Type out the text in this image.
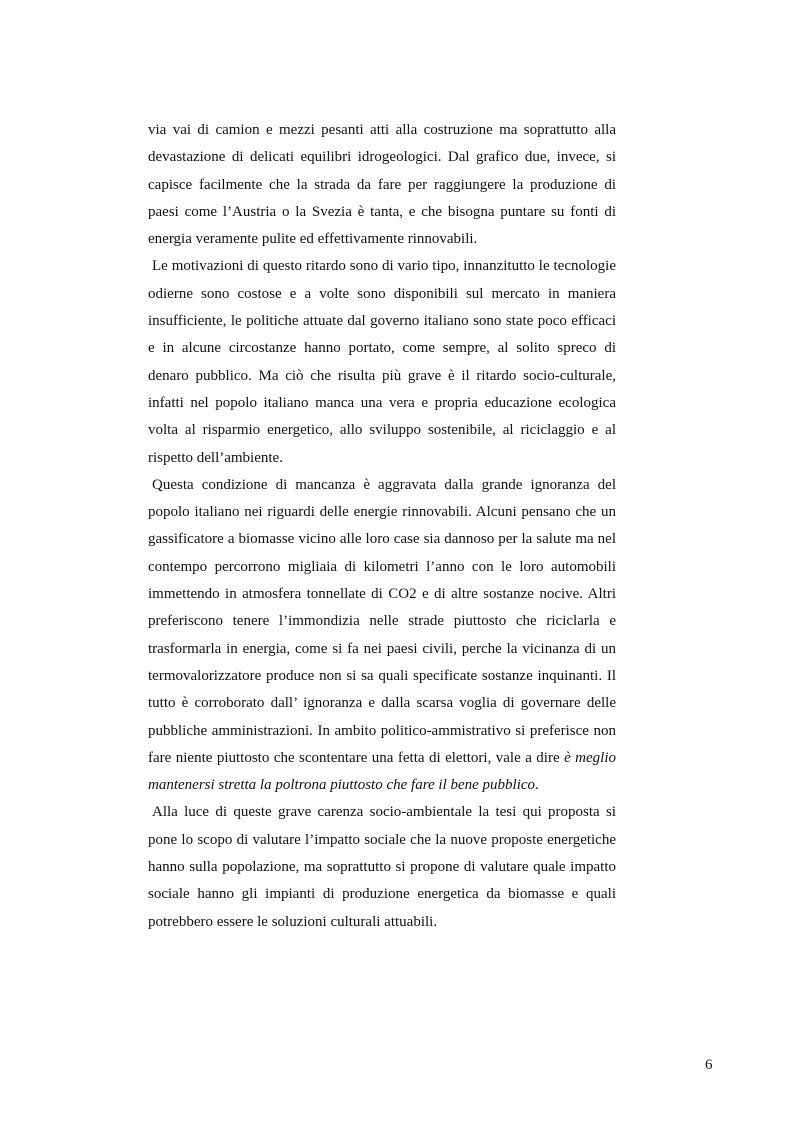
via vai di camion e mezzi pesanti atti alla costruzione ma soprattutto alla devastazione di delicati equilibri idrogeologici. Dal grafico due, invece, si capisce facilmente che la strada da fare per raggiungere la produzione di paesi come l’Austria o la Svezia è tanta, e che bisogna puntare su fonti di energia veramente pulite ed effettivamente rinnovabili.

Le motivazioni di questo ritardo sono di vario tipo, innanzitutto le tecnologie odierne sono costose e a volte sono disponibili sul mercato in maniera insufficiente, le politiche attuate dal governo italiano sono state poco efficaci e in alcune circostanze hanno portato, come sempre, al solito spreco di denaro pubblico. Ma ciò che risulta più grave è il ritardo socio-culturale, infatti nel popolo italiano manca una vera e propria educazione ecologica volta al risparmio energetico, allo sviluppo sostenibile, al riciclaggio e al rispetto dell’ambiente.

Questa condizione di mancanza è aggravata dalla grande ignoranza del popolo italiano nei riguardi delle energie rinnovabili. Alcuni pensano che un gassificatore a biomasse vicino alle loro case sia dannoso per la salute ma nel contempo percorrono migliaia di kilometri l’anno con le loro automobili immettendo in atmosfera tonnellate di CO2 e di altre sostanze nocive. Altri preferiscono tenere l’immondizia nelle strade piuttosto che riciclarla e trasformarla in energia, come si fa nei paesi civili, perche la vicinanza di un termovalorizzatore produce non si sa quali specificate sostanze inquinanti. Il tutto è corroborato dall’ ignoranza e dalla scarsa voglia di governare delle pubbliche amministrazioni. In ambito politico-ammistrativo si preferisce non fare niente piuttosto che scontentare una fetta di elettori, vale a dire è meglio mantenersi stretta la poltrona piuttosto che fare il bene pubblico.

Alla luce di queste grave carenza socio-ambientale la tesi qui proposta si pone lo scopo di valutare l’impatto sociale che la nuove proposte energetiche hanno sulla popolazione, ma soprattutto si propone di valutare quale impatto sociale hanno gli impianti di produzione energetica da biomasse e quali potrebbero essere le soluzioni culturali attuabili.

6
